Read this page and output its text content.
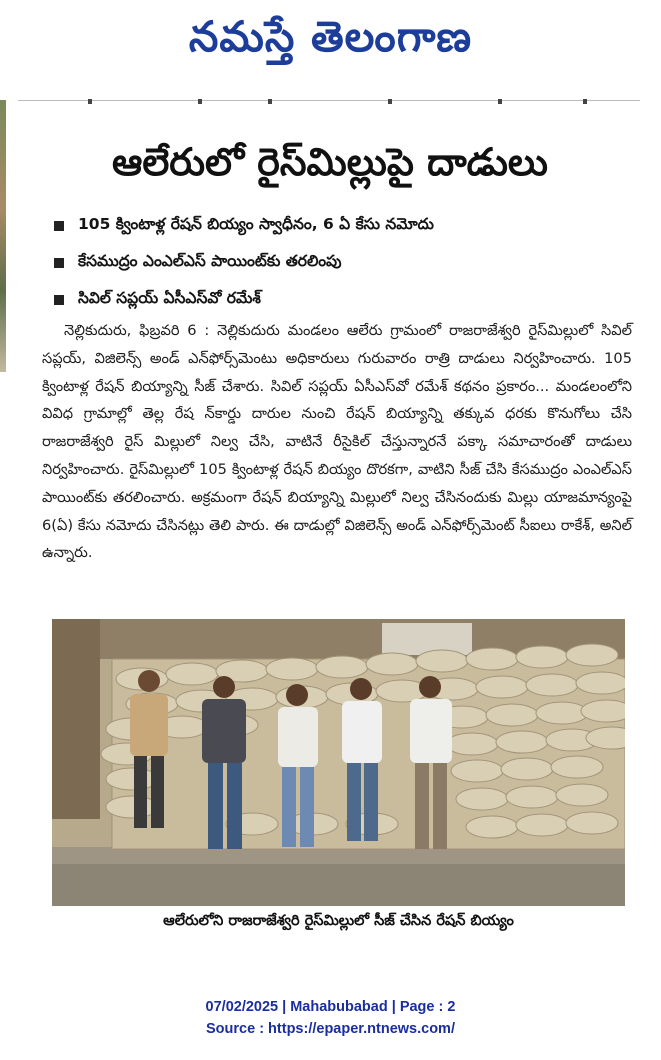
నమస్తే తెలంగాణ
ఆలేరులో రైస్‌మిల్లుపై దాడులు
105 క్వింటాళ్ల రేషన్ బియ్యం స్వాధీనం, 6 ఏ కేసు నమోదు
కేసముద్రం ఎంఎల్ఎస్ పాయింట్‌కు తరలింపు
సివిల్ సప్లయ్ ఏసీఎస్‌వో రమేశ్

నెల్లికుదురు, ఫిబ్రవరి 6 : నెల్లికుదురు మండలం ఆలేరు గ్రామంలో రాజరాజేశ్వరి రైస్‌మిల్లులో సివిల్ సప్లయ్, విజిలెన్స్ అండ్ ఎన్‌ఫోర్స్‌మెంటు అధికారులు గురువారం రాత్రి దాడులు నిర్వహించారు. 105 క్వింటాళ్ల రేషన్ బియ్యాన్ని సీజ్ చేశారు. సివిల్ సప్లయ్ ఏసీఎస్‌వో రమేశ్ కథనం ప్రకారం... మండలంలోని వివిధ గ్రామాల్లో తెల్ల రేష న్‌కార్డు దారుల నుంచి రేషన్ బియ్యాన్ని తక్కువ ధరకు కొనుగోలు చేసి రాజరాజేశ్వరి రైస్ మిల్లులో నిల్వ చేసి, వాటినే రీసైకిల్ చేస్తున్నారనే పక్కా సమాచారంతో దాడులు నిర్వహించారు. రైస్‌మిల్లులో 105 క్వింటాళ్ల రేషన్ బియ్యం దొరకగా, వాటిని సీజ్ చేసి కేసముద్రం ఎంఎల్ఎస్ పాయింట్‌కు తరలించారు. అక్రమంగా రేషన్ బియ్యాన్ని మిల్లులో నిల్వ చేసినందుకు మిల్లు యాజమాన్యంపై 6(ఏ) కేసు నమోదు చేసినట్లు తెలి పారు. ఈ దాడుల్లో విజిలెన్స్ అండ్ ఎన్‌ఫోర్స్‌మెంట్ సీఐలు రాకేశ్, అనిల్ ఉన్నారు.

ఆలేరులోని రాజరాజేశ్వరి రైస్‌మిల్లులో సీజ్ చేసిన రేషన్ బియ్యం
07/02/2025 | Mahabubabad | Page : 2
Source : https://epaper.ntnews.com/
